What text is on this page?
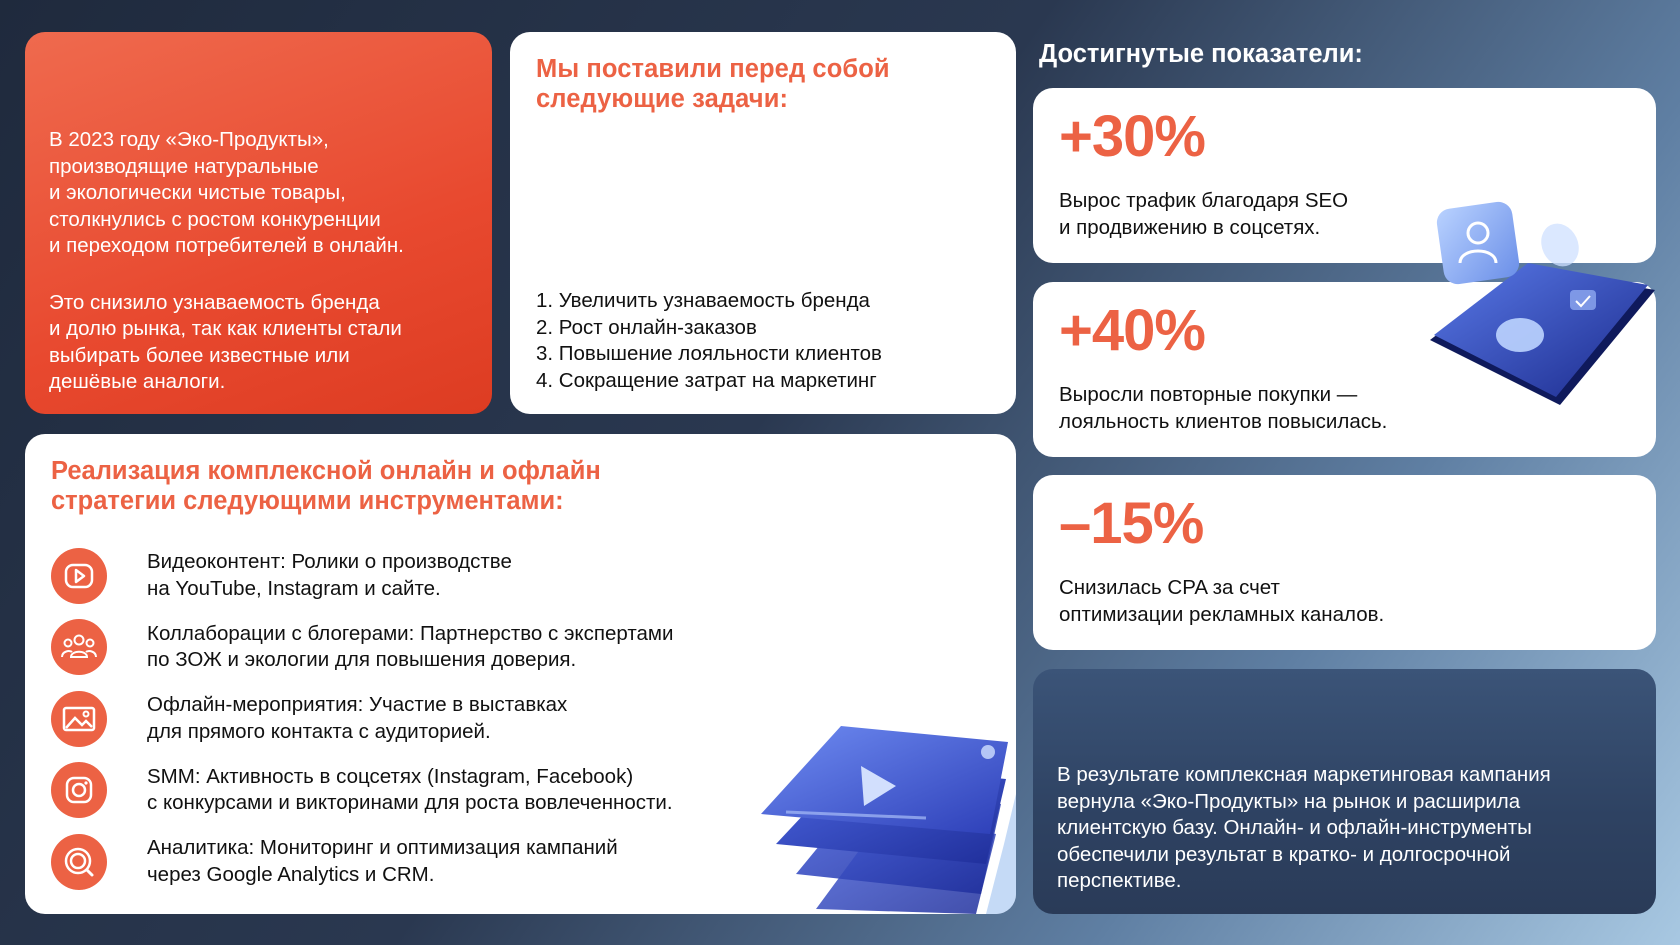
В 2023 году «Эко-Продукты»,
производящие натуральные
и экологически чистые товары,
столкнулись с ростом конкуренции
и переходом потребителей в онлайн.

Это снизило узнаваемость бренда
и долю рынка, так как клиенты стали
выбирать более известные или
дешёвые аналоги.

Мы поставили перед собой
следующие задачи:
1. Увеличить узнаваемость бренда
2. Рост онлайн-заказов
3. Повышение лояльности клиентов
4. Сокращение затрат на маркетинг
Реализация комплексной онлайн и офлайн
стратегии следующими инструментами:
Видеоконтент: Ролики о производстве
на YouTube, Instagram и сайте.
Коллаборации с блогерами: Партнерство с экспертами
по ЗОЖ и экологии для повышения доверия.
Офлайн-мероприятия: Участие в выставках
для прямого контакта с аудиторией.
SMM: Активность в соцсетях (Instagram, Facebook)
с конкурсами и викторинами для роста вовлеченности.
Аналитика: Мониторинг и оптимизация кампаний
через Google Analytics и CRM.
Достигнутые показатели:
+30%
Вырос трафик благодаря SEO
и продвижению в соцсетях.
+40%
Выросли повторные покупки —
лояльность клиентов повысилась.
–15%
Снизилась CPA за счет
оптимизации рекламных каналов.

В результате комплексная маркетинговая кампания
вернула «Эко-Продукты» на рынок и расширила
клиентскую базу. Онлайн- и офлайн-инструменты
обеспечили результат в кратко- и долгосрочной
перспективе.
